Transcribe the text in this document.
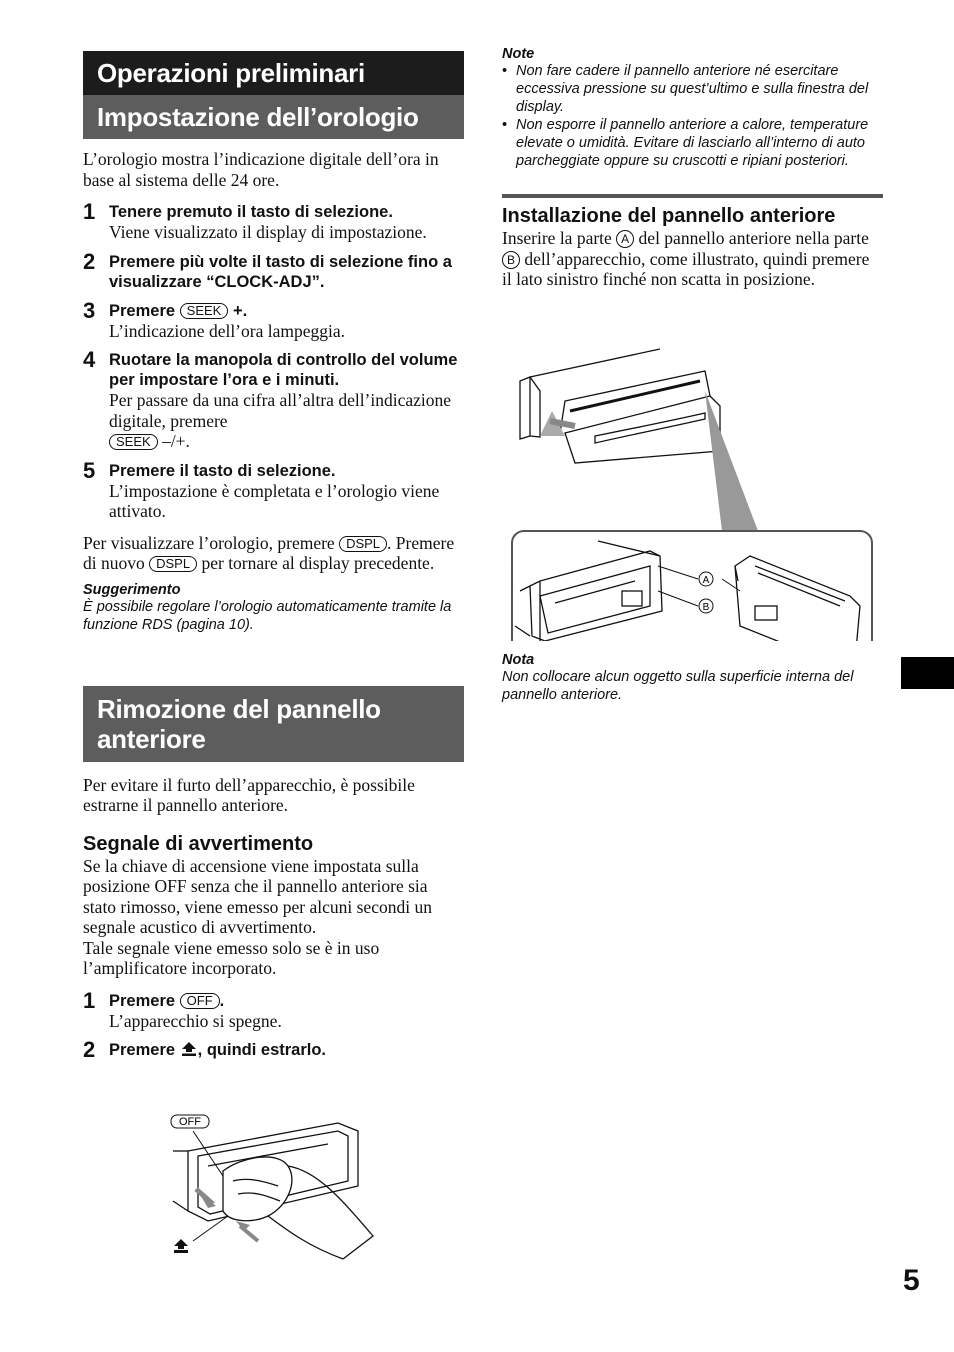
Operazioni preliminari
Impostazione dell’orologio
L’orologio mostra l’indicazione digitale dell’ora in base al sistema delle 24 ore.
1 Tenere premuto il tasto di selezione.
Viene visualizzato il display di impostazione.
2 Premere più volte il tasto di selezione fino a visualizzare “CLOCK-ADJ”.
3 Premere SEEK +.
L’indicazione dell’ora lampeggia.
4 Ruotare la manopola di controllo del volume per impostare l’ora e i minuti.
Per passare da una cifra all’altra dell’indicazione digitale, premere
SEEK –/+.
5 Premere il tasto di selezione.
L’impostazione è completata e l’orologio viene attivato.
Per visualizzare l’orologio, premere DSPL . Premere di nuovo DSPL per tornare al display precedente.
Suggerimento
È possibile regolare l’orologio automaticamente tramite la funzione RDS (pagina 10).
Rimozione del pannello anteriore
Per evitare il furto dell’apparecchio, è possibile estrarne il pannello anteriore.
Segnale di avvertimento
Se la chiave di accensione viene impostata sulla posizione OFF senza che il pannello anteriore sia stato rimosso, viene emesso per alcuni secondi un segnale acustico di avvertimento.
Tale segnale viene emesso solo se è in uso l’amplificatore incorporato.
1 Premere OFF .
L’apparecchio si spegne.
2 Premere , quindi estrarlo.
OFF
Note
• Non fare cadere il pannello anteriore né esercitare eccessiva pressione su quest’ultimo e sulla finestra del display.
• Non esporre il pannello anteriore a calore, temperature elevate o umidità. Evitare di lasciarlo all’interno di auto parcheggiate oppure su cruscotti e ripiani posteriori.
Installazione del pannello anteriore
Inserire la parte A del pannello anteriore nella parte B dell’apparecchio, come illustrato, quindi premere il lato sinistro finché non scatta in posizione.
A
B
Nota
Non collocare alcun oggetto sulla superficie interna del pannello anteriore.
5
